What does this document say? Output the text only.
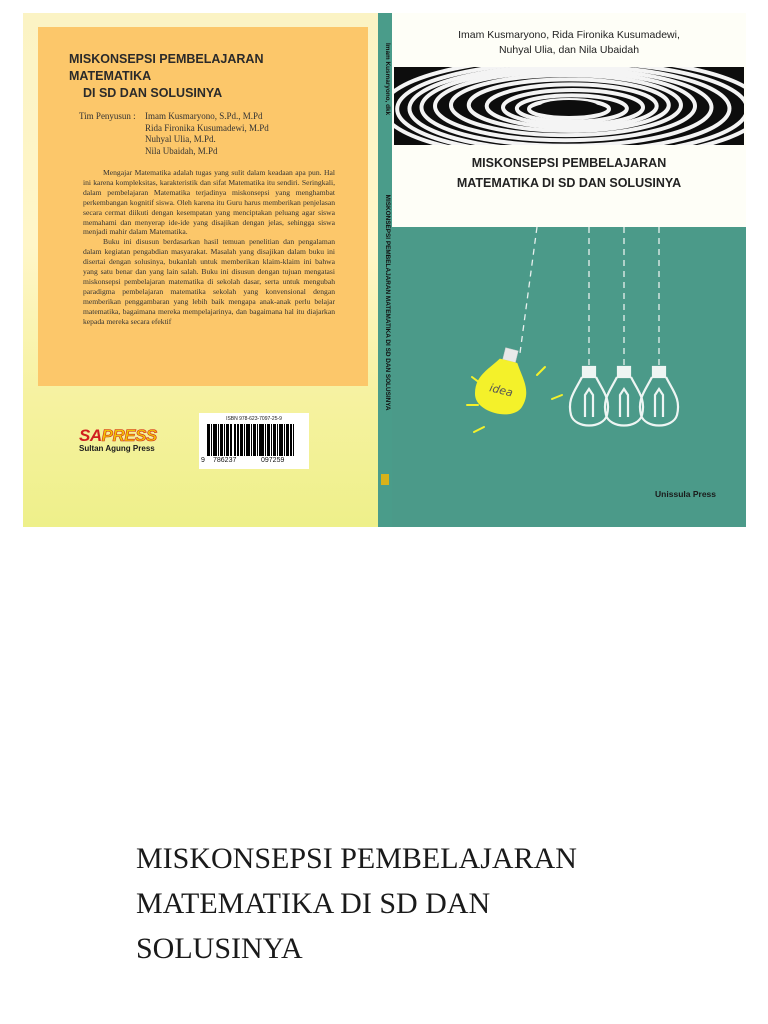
MISKONSEPSI PEMBELAJARAN MATEMATIKA
DI SD DAN SOLUSINYA
Tim Penyusun : Imam Kusmaryono, S.Pd., M.Pd
Rida Fironika Kusumadewi, M.Pd
Nuhyal Ulia, M.Pd.
Nila Ubaidah, M.Pd

Mengajar Matematika adalah tugas yang sulit dalam keadaan apa pun. Hal ini karena kompleksitas, karakteristik dan sifat Matematika itu sendiri. Seringkali, dalam pembelajaran Matematika terjadinya miskonsepsi yang menghambat perkembangan kognitif siswa. Oleh karena itu Guru harus memberikan penjelasan secara cermat diikuti dengan kesempatan yang menciptakan peluang agar siswa memahami dan menyerap ide-ide yang disajikan dengan jelas, sehingga siswa menjadi mahir dalam Matematika.

Buku ini disusun berdasarkan hasil temuan penelitian dan pengalaman dalam kegiatan pengabdian masyarakat. Masalah yang disajikan dalam buku ini disertai dengan solusinya, bukanlah untuk memberikan klaim-klaim ini bahwa yang satu benar dan yang lain salah. Buku ini disusun dengan tujuan mengatasi miskonsepsi pembelajaran matematika di sekolah dasar, serta untuk mengubah paradigma pembelajaran matematika sekolah yang konvensional dengan memberikan penggambaran yang lebih baik mengapa anak-anak perlu belajar matematika, bagaimana mereka mempelajarinya, dan bagaimana hal itu diajarkan kepada mereka secara efektif

SAPRESS
Sultan Agung Press
ISBN 978-623-7097-25-9
9 786237	097259
Imam Kusmaryono, dkk  MISKONSEPSI PEMBELAJARAN MATEMATIKA DI SD DAN SOLUSINYA
Imam Kusmaryono, Rida Fironika Kusumadewi,
Nuhyal Ulia, dan Nila Ubaidah
MISKONSEPSI PEMBELAJARAN
MATEMATIKA DI SD DAN SOLUSINYA
idea
Unissula Press
MISKONSEPSI PEMBELAJARAN
MATEMATIKA DI SD DAN
SOLUSINYA
